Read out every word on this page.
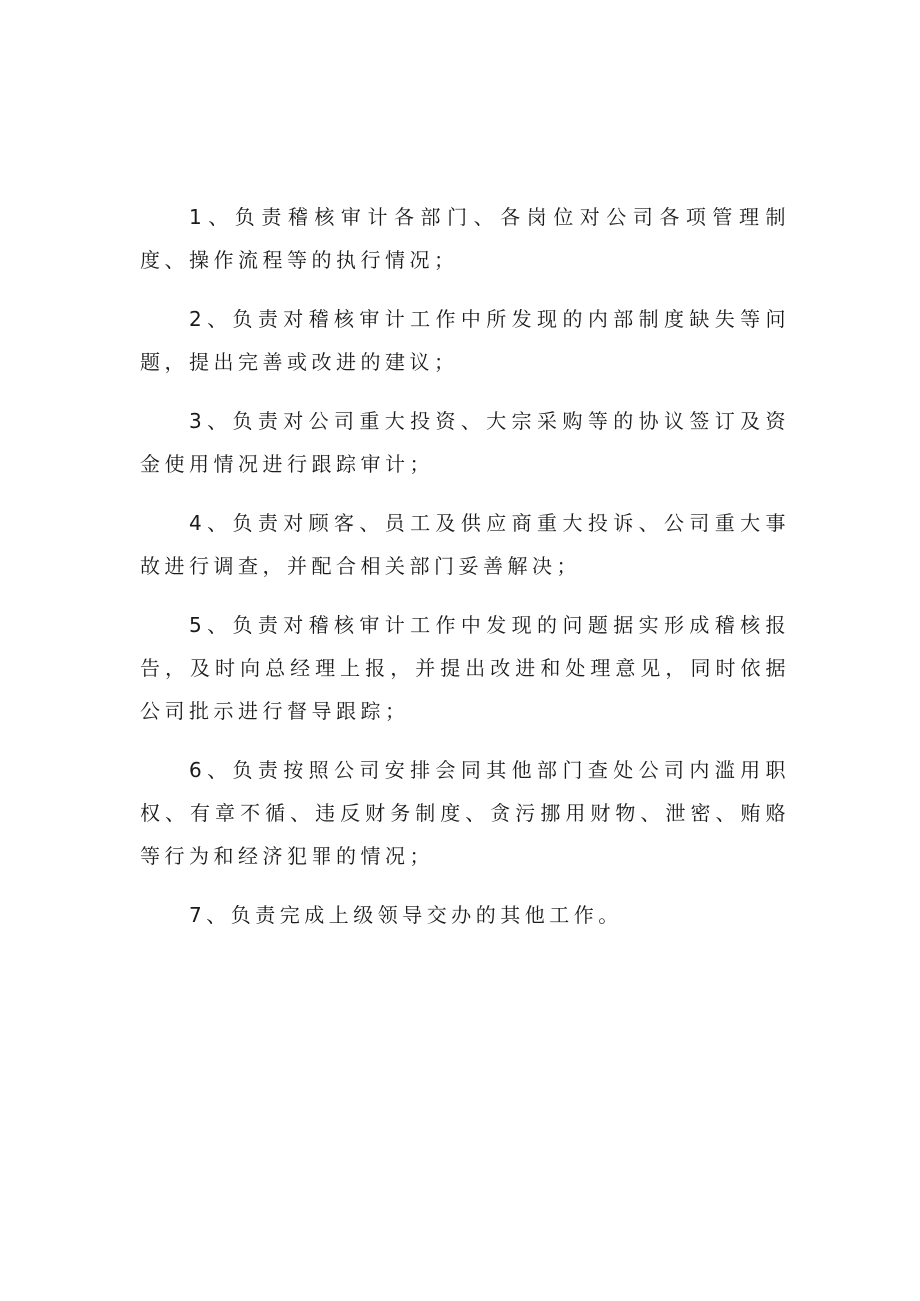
1、负责稽核审计各部门、各岗位对公司各项管理制度、操作流程等的执行情况；

2、负责对稽核审计工作中所发现的内部制度缺失等问题，提出完善或改进的建议；

3、负责对公司重大投资、大宗采购等的协议签订及资金使用情况进行跟踪审计；

4、负责对顾客、员工及供应商重大投诉、公司重大事故进行调查，并配合相关部门妥善解决；

5、负责对稽核审计工作中发现的问题据实形成稽核报告，及时向总经理上报，并提出改进和处理意见，同时依据公司批示进行督导跟踪；

6、负责按照公司安排会同其他部门查处公司内滥用职权、有章不循、违反财务制度、贪污挪用财物、泄密、贿赂等行为和经济犯罪的情况；

7、负责完成上级领导交办的其他工作。
